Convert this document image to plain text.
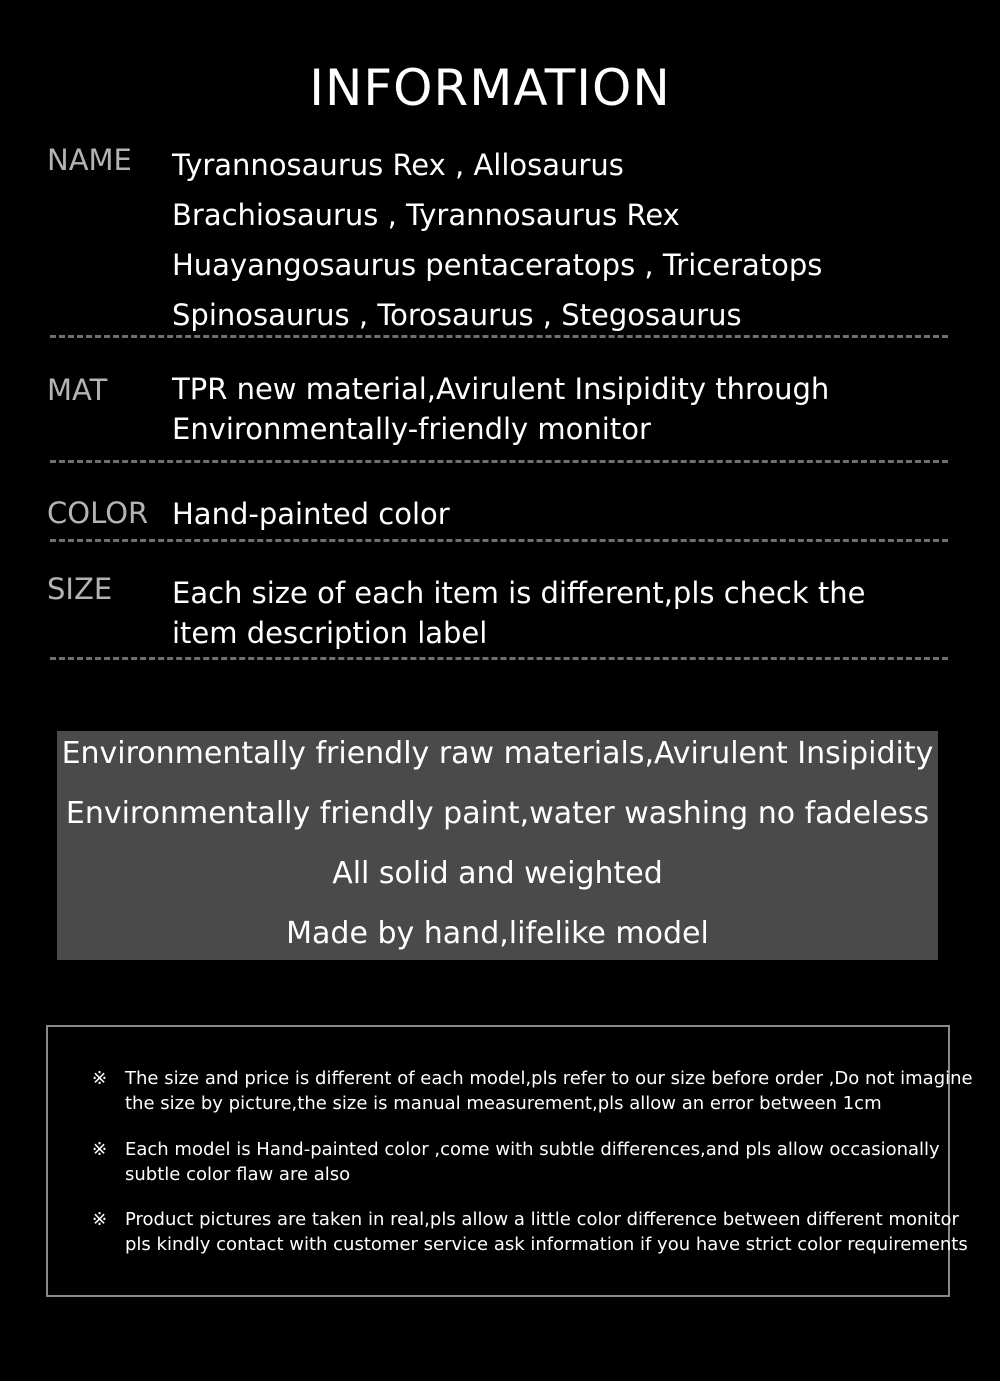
INFORMATION
NAME Tyrannosaurus Rex , Allosaurus
Brachiosaurus , Tyrannosaurus Rex
Huayangosaurus pentaceratops , Triceratops
Spinosaurus , Torosaurus , Stegosaurus
MAT TPR new material,Avirulent Insipidity through
Environmentally-friendly monitor
COLOR Hand-painted color
SIZE Each size of each item is different,pls check the
item description label
Environmentally friendly raw materials,Avirulent Insipidity
Environmentally friendly paint,water washing no fadeless
All solid and weighted
Made by hand,lifelike model
※ The size and price is different of each model,pls refer to our size before order ,Do not imagine
the size by picture,the size is manual measurement,pls allow an error between 1cm
※ Each model is Hand-painted color ,come with subtle differences,and pls allow occasionally
subtle color flaw are also
※ Product pictures are taken in real,pls allow a little color difference between different monitor
pls kindly contact with customer service ask information if you have strict color requirements
